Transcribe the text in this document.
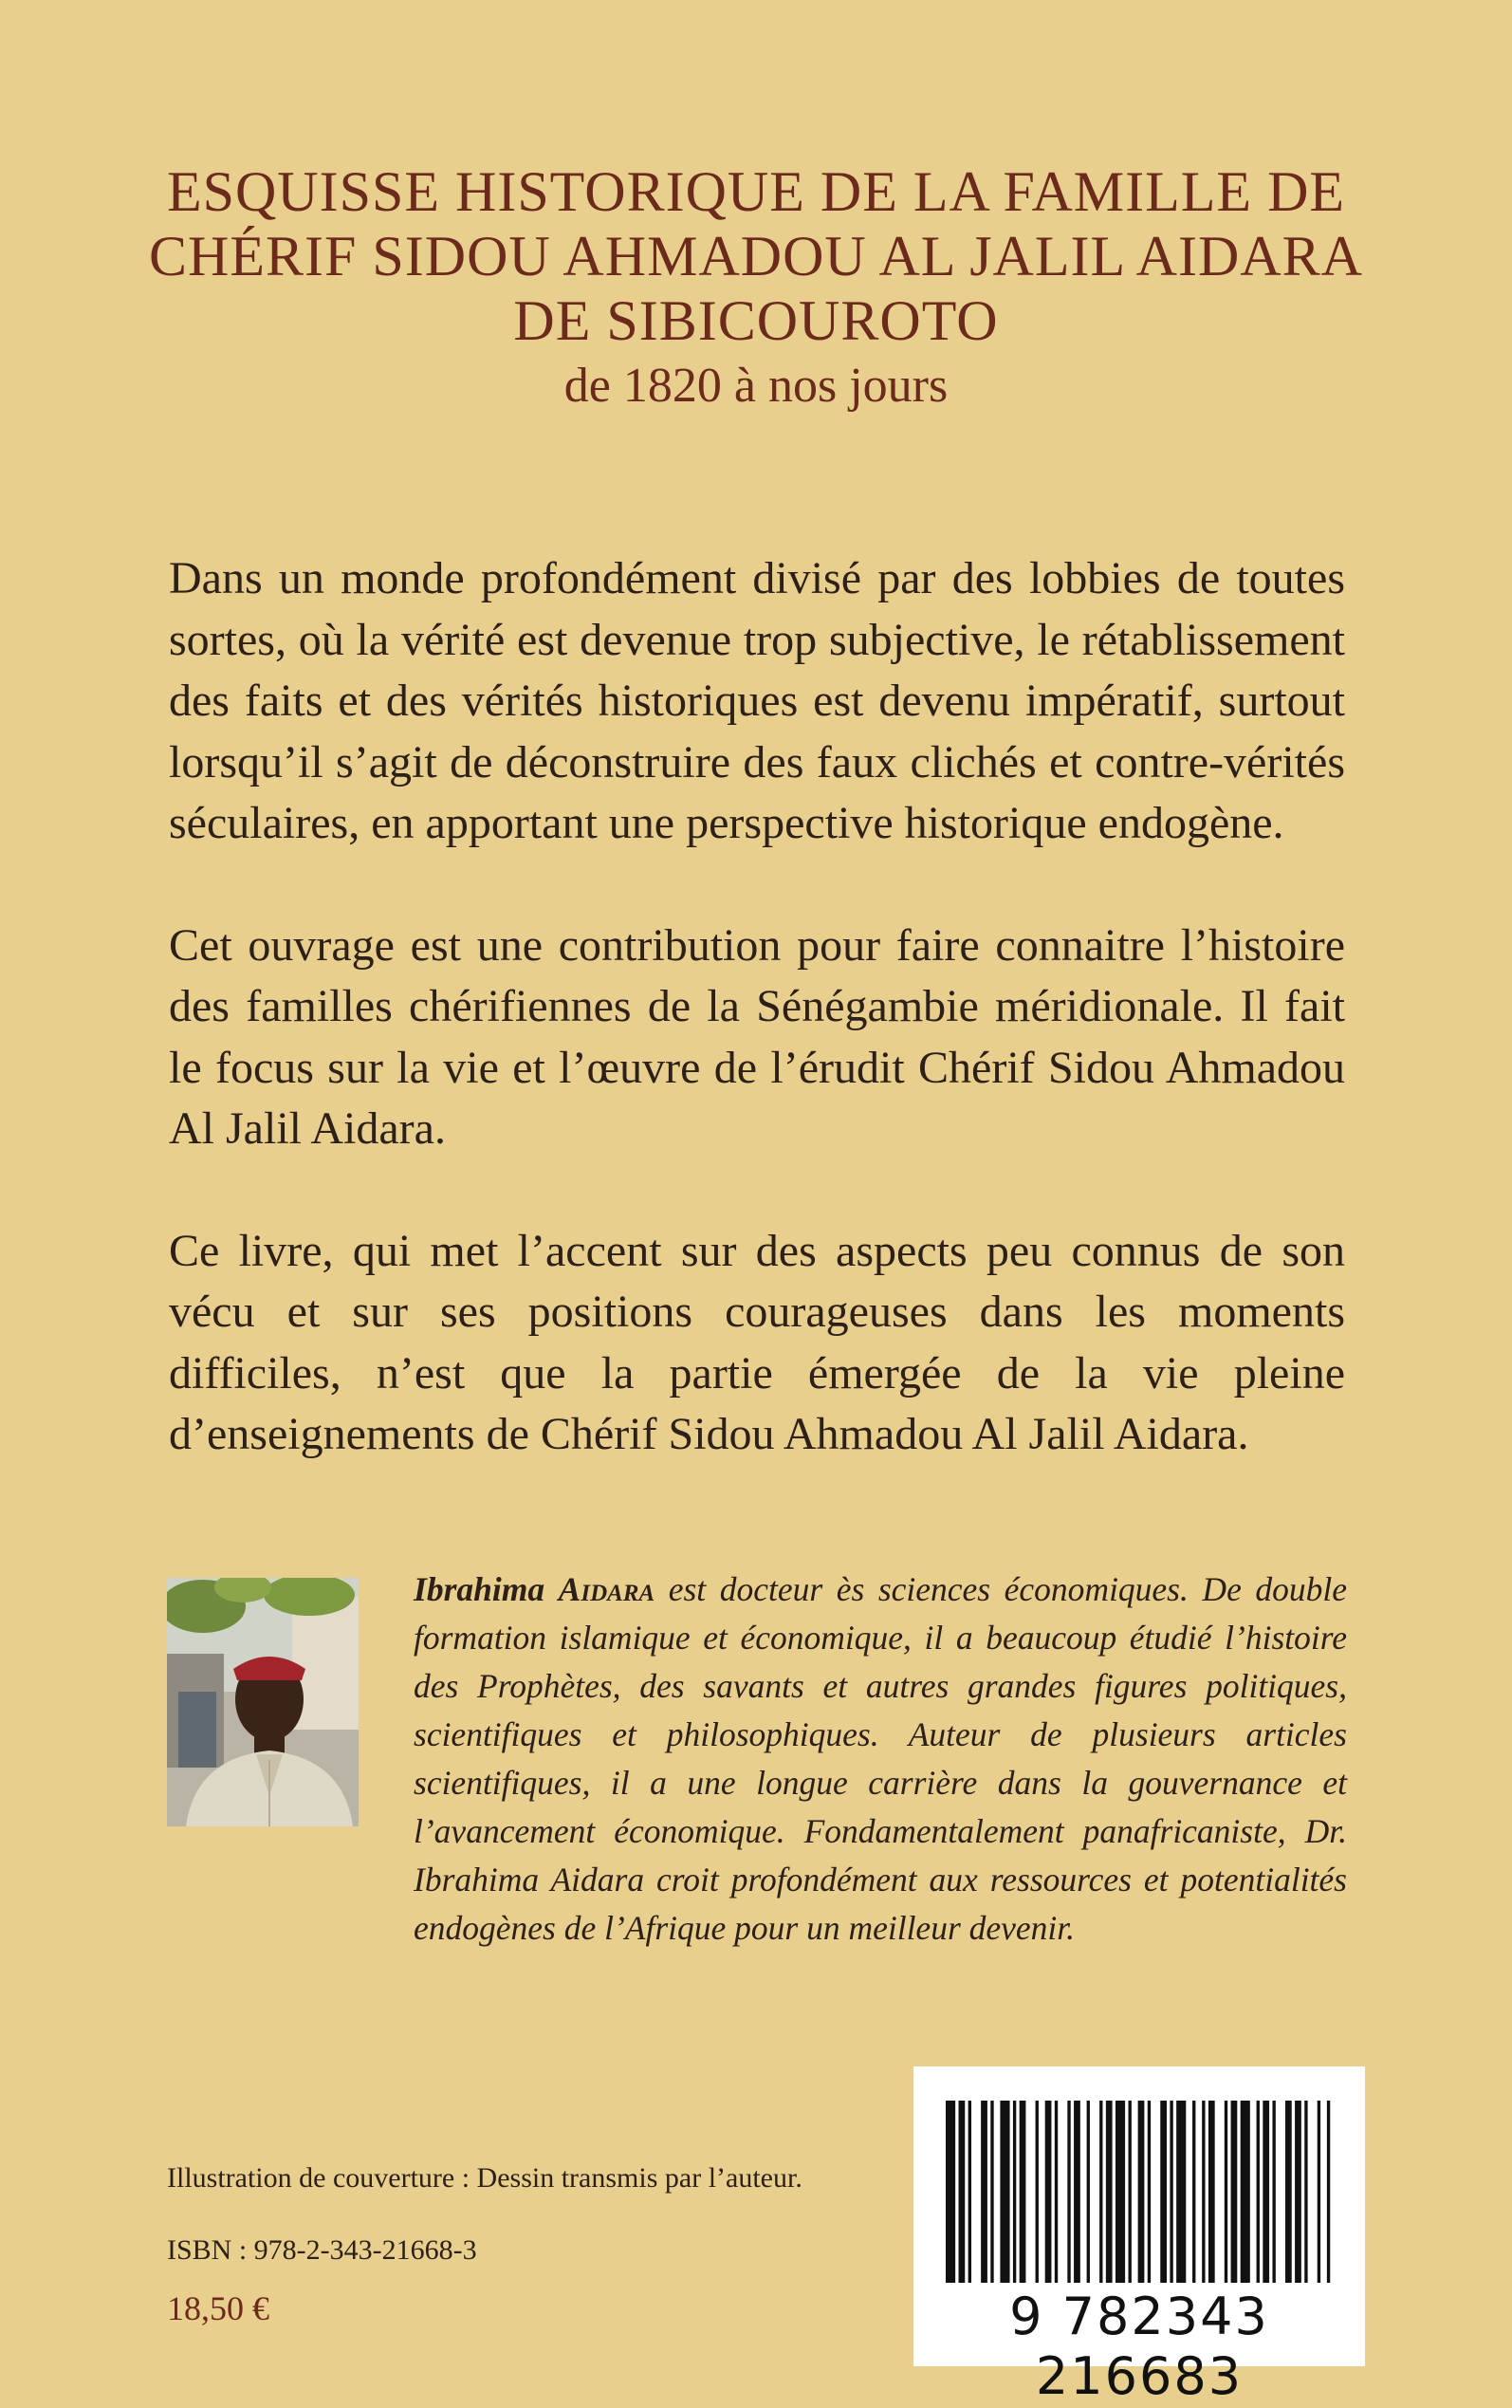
ESQUISSE HISTORIQUE DE LA FAMILLE DE
CHÉRIF SIDOU AHMADOU AL JALIL AIDARA
DE SIBICOUROTO
de 1820 à nos jours

Dans un monde profondément divisé par des lobbies de toutes sortes, où la vérité est devenue trop subjective, le rétablissement des faits et des vérités historiques est devenu impératif, surtout lorsqu’il s’agit de déconstruire des faux clichés et contre-vérités séculaires, en apportant une perspective historique endogène.

Cet ouvrage est une contribution pour faire connaitre l’histoire des familles chérifiennes de la Sénégambie méridionale. Il fait le focus sur la vie et l’œuvre de l’érudit Chérif Sidou Ahmadou Al Jalil Aidara.

Ce livre, qui met l’accent sur des aspects peu connus de son vécu et sur ses positions courageuses dans les moments difficiles, n’est que la partie émergée de la vie pleine d’enseignements de Chérif Sidou Ahmadou Al Jalil Aidara.

Ibrahima Aidara est docteur ès sciences économiques. De double formation islamique et économique, il a beaucoup étudié l’histoire des Prophètes, des savants et autres grandes figures politiques, scientifiques et philosophiques. Auteur de plusieurs articles scientifiques, il a une longue carrière dans la gouvernance et l’avancement économique. Fondamentalement panafricaniste, Dr. Ibrahima Aidara croit profondément aux ressources et potentialités endogènes de l’Afrique pour un meilleur devenir.
Illustration de couverture : Dessin transmis par l’auteur.
ISBN : 978-2-343-21668-3
18,50 €	9 782343 216683
